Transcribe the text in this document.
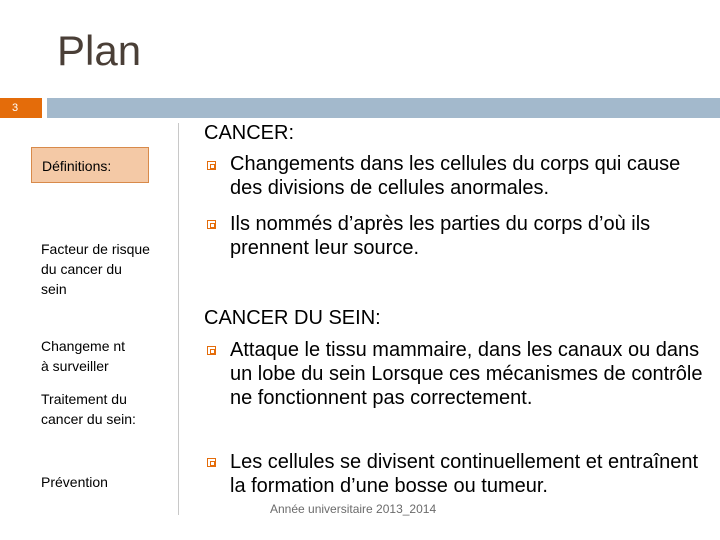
Plan
3
Définitions:
Facteur de risque du cancer du sein
Changeme nt à surveiller
Traitement du cancer du sein:
Prévention
CANCER:
Changements dans les cellules du corps qui cause des divisions de cellules anormales.
Ils nommés d’après les parties du corps d’où ils prennent leur source.
CANCER DU SEIN:
Attaque le tissu mammaire, dans les canaux ou dans un lobe du sein Lorsque ces mécanismes de contrôle ne fonctionnent pas correctement.
Les cellules se divisent continuellement et entraînent la formation d’une bosse ou tumeur.
Année universitaire 2013_2014
